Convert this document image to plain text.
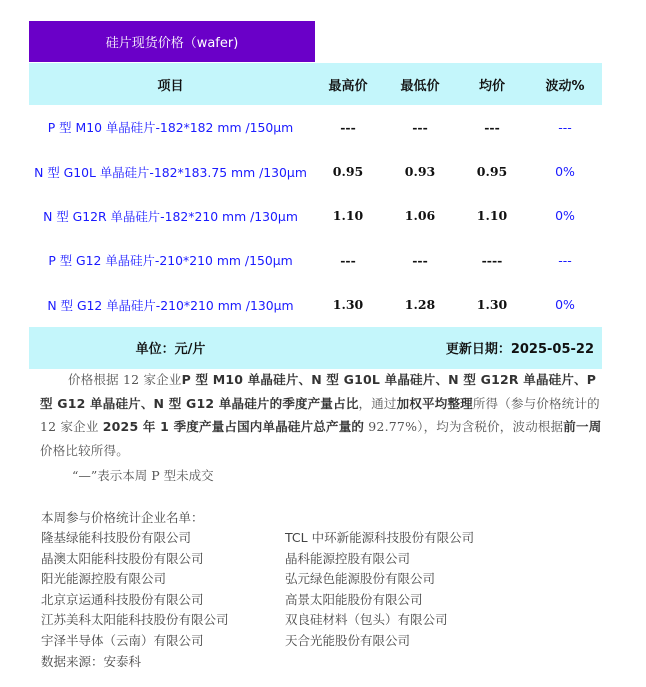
硅片现货价格（wafer)
项目	最高价	最低价	均价	波动%
P 型 M10 单晶硅片-182*182 mm /150µm	---	---	---	---
N 型 G10L 单晶硅片-182*183.75 mm /130µm	0.95	0.93	0.95	0%
N 型 G12R 单晶硅片-182*210 mm /130µm	1.10	1.06	1.10	0%
P 型 G12 单晶硅片-210*210 mm /150µm	---	---	----	---
N 型 G12 单晶硅片-210*210 mm /130µm	1.30	1.28	1.30	0%
单位：元/片	更新日期：2025-05-22
价格根据 12 家企业P 型 M10 单晶硅片、N 型 G10L 单晶硅片、N 型 G12R 单晶硅片、P 型 G12 单晶硅片、N 型 G12 单晶硅片的季度产量占比，通过加权平均整理所得（参与价格统计的 12 家企业 2025 年 1 季度产量占国内单晶硅片总产量的 92.77%），均为含税价，波动根据前一周价格比较所得。
“—”表示本周 P 型未成交
本周参与价格统计企业名单：
隆基绿能科技股份有限公司	TCL 中环新能源科技股份有限公司
晶澳太阳能科技股份有限公司	晶科能源控股有限公司
阳光能源控股有限公司	弘元绿色能源股份有限公司
北京京运通科技股份有限公司	高景太阳能股份有限公司
江苏美科太阳能科技股份有限公司	双良硅材料（包头）有限公司
宇泽半导体（云南）有限公司	天合光能股份有限公司
数据来源：安泰科
